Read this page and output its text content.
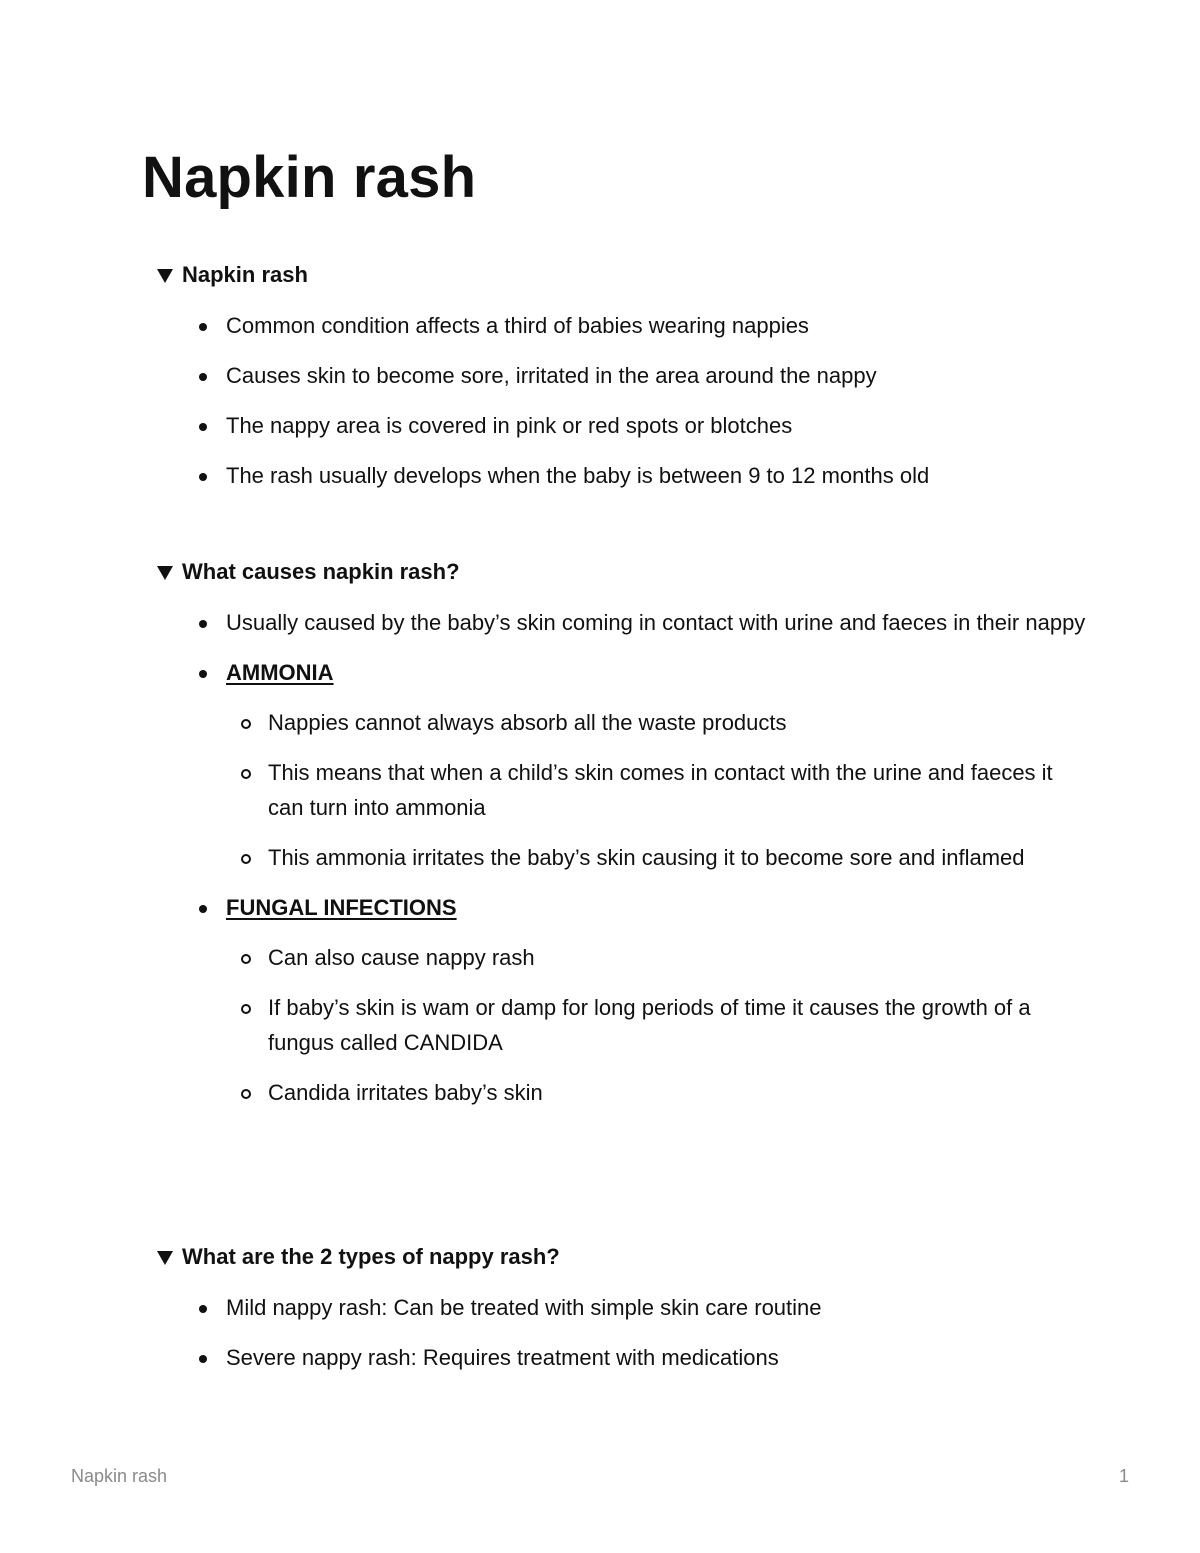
Napkin rash
Napkin rash
Common condition affects a third of babies wearing nappies
Causes skin to become sore, irritated in the area around the nappy
The nappy area is covered in pink or red spots or blotches
The rash usually develops when the baby is between 9 to 12 months old
What causes napkin rash?
Usually caused by the baby’s skin coming in contact with urine and faeces in their nappy
AMMONIA
Nappies cannot always absorb all the waste products
This means that when a child’s skin comes in contact with the urine and faeces it can turn into ammonia
This ammonia irritates the baby’s skin causing it to become sore and inflamed
FUNGAL INFECTIONS
Can also cause nappy rash
If baby’s skin is wam or damp for long periods of time it causes the growth of a fungus called CANDIDA
Candida irritates baby’s skin
What are the 2 types of nappy rash?
Mild nappy rash: Can be treated with simple skin care routine
Severe nappy rash: Requires treatment with medications
Napkin rash	1
